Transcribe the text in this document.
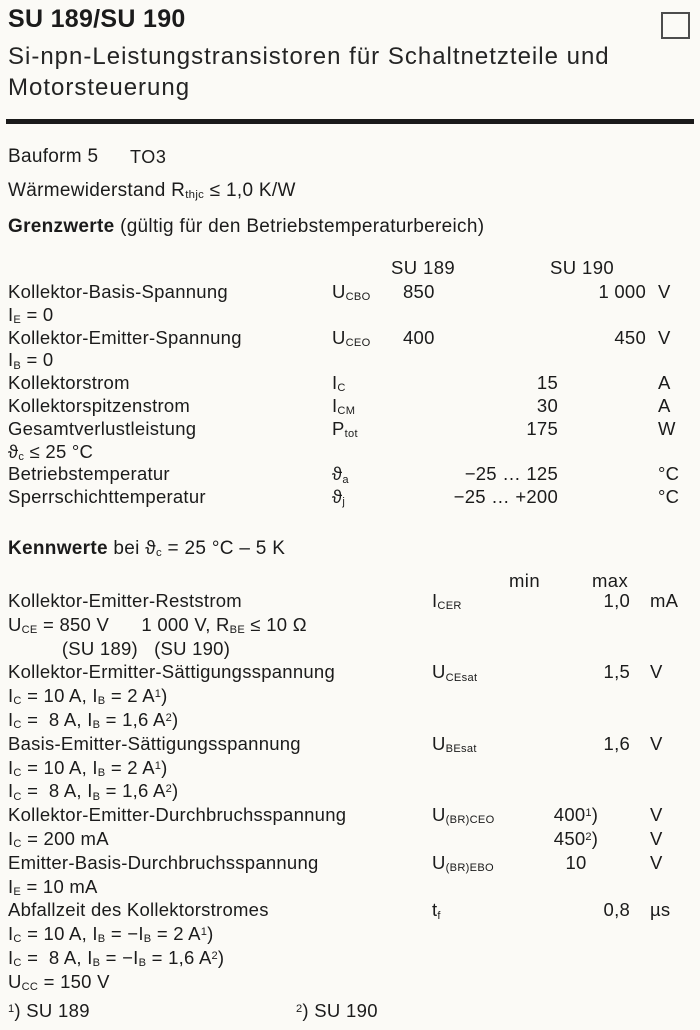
SU 189/SU 190
Si-npn-Leistungstransistoren für Schaltnetzteile und
Motorsteuerung
Bauform 5 TO3
Wärmewiderstand $R_{thjc} \le 1,0$ K/W
Grenzwerte (gültig für den Betriebstemperaturbereich)
SU 189	SU 190
Kollektor-Basis-Spannung	$U_{CBO}$ 850	1 000 V
$I_E = 0$
Kollektor-Emitter-Spannung	$U_{CEO}$ 400	450 V
$I_B = 0$
Kollektorstrom	$I_C$	15	A
Kollektorspitzenstrom	$I_{CM}$	30	A
Gesamtverlustleistung	$P_{tot}$	175	W
$ϑ_c \le 25$ °C
Betriebstemperatur	$ϑ_a$	−25 … 125	°C
Sperrschichttemperatur	$ϑ_j$	−25 … +200	°C
Kennwerte bei $ϑ_c = 25$ °C – 5 K
min	max
Kollektor-Emitter-Reststrom	$I_{CER}$	1,0 mA
$U_{CE} = 850$ V      1 000 V, $R_{BE} \le 10$ Ω
(SU 189)   (SU 190)
Kollektor-Ermitter-Sättigungsspannung	$U_{CEsat}$	1,5 V
$I_C = 10$ A, $I_B = 2$ $A^1$)
$I_C = 8$ A, $I_B = 1,6$ $A^2$)
Basis-Emitter-Sättigungsspannung	$U_{BEsat}$	1,6 V
$I_C = 10$ A, $I_B = 2$ $A^1$)
$I_C = 8$ A, $I_B = 1,6$ $A^2$)
Kollektor-Emitter-Durchbruchsspannung	$U_{(BR)CEO}$	$400^1$)	V
$I_C = 200$ mA	$450^2$)	V
Emitter-Basis-Durchbruchsspannung	$U_{(BR)EBO}$	10	V
$I_E = 10$ mA
Abfallzeit des Kollektorstromes	$t_f$	0,8 µs
$I_C = 10$ A, $I_B = -I_B = 2$ $A^1$)
$I_C = 8$ A, $I_B = -I_B = 1,6$ $A^2$)
$U_{CC} = 150$ V
$^1$) SU 189	$^2$) SU 190
